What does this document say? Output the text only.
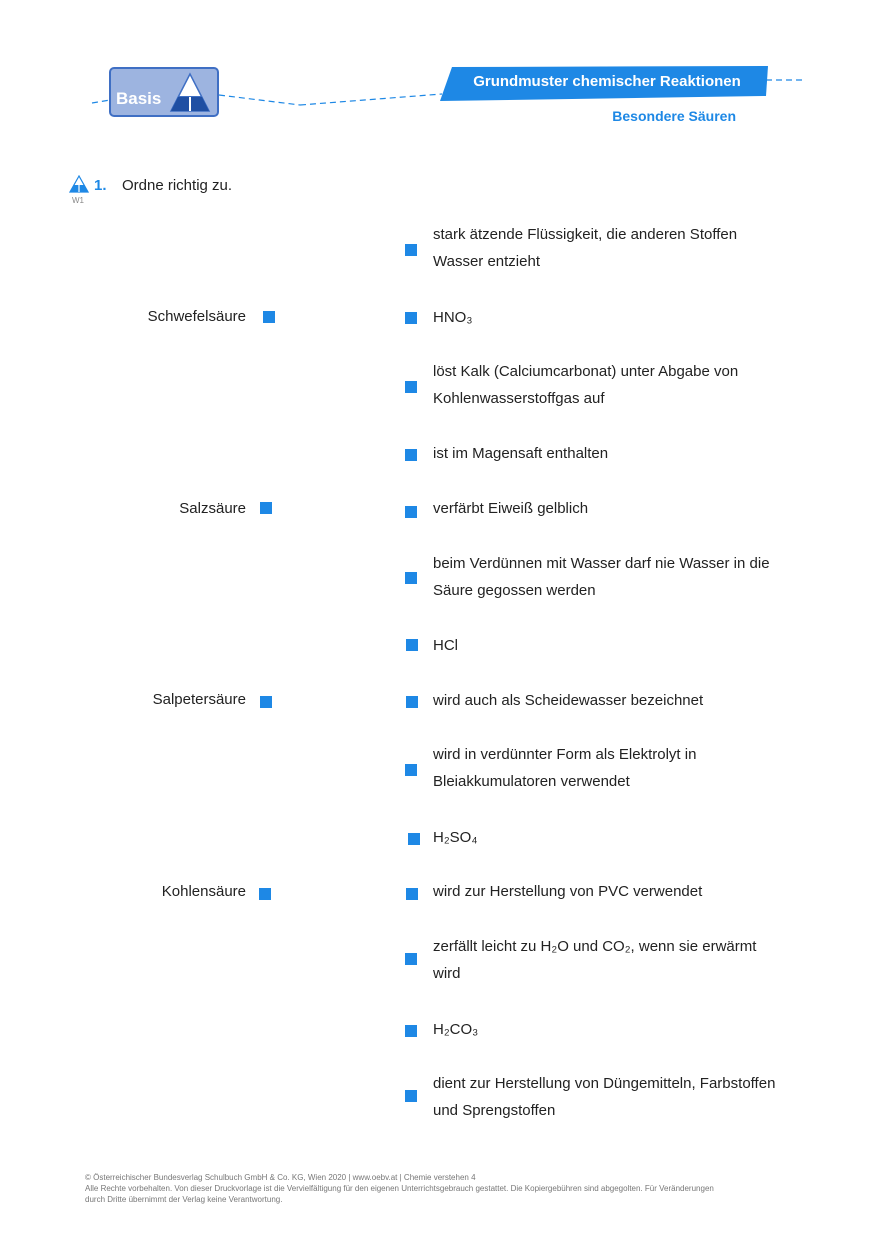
Basis
Grundmuster chemischer Reaktionen
Besondere Säuren
W1
1. Ordne richtig zu.
Schwefelsäure
Salzsäure
Salpetersäure
Kohlensäure
stark ätzende Flüssigkeit, die anderen Stoffen Wasser entzieht
HNO₃
löst Kalk (Calciumcarbonat) unter Abgabe von Kohlenwasserstoffgas auf
ist im Magensaft enthalten
verfärbt Eiweiß gelblich
beim Verdünnen mit Wasser darf nie Wasser in die Säure gegossen werden
HCl
wird auch als Scheidewasser bezeichnet
wird in verdünnter Form als Elektrolyt in Bleiakkumulatoren verwendet
H₂SO₄
wird zur Herstellung von PVC verwendet
zerfällt leicht zu H₂O und CO₂, wenn sie erwärmt wird
H₂CO₃
dient zur Herstellung von Düngemitteln, Farbstoffen und Sprengstoffen
© Österreichischer Bundesverlag Schulbuch GmbH & Co. KG, Wien 2020 | www.oebv.at | Chemie verstehen 4
Alle Rechte vorbehalten. Von dieser Druckvorlage ist die Vervielfältigung für den eigenen Unterrichtsgebrauch gestattet. Die Kopiergebühren sind abgegolten. Für Veränderungen
durch Dritte übernimmt der Verlag keine Verantwortung.
